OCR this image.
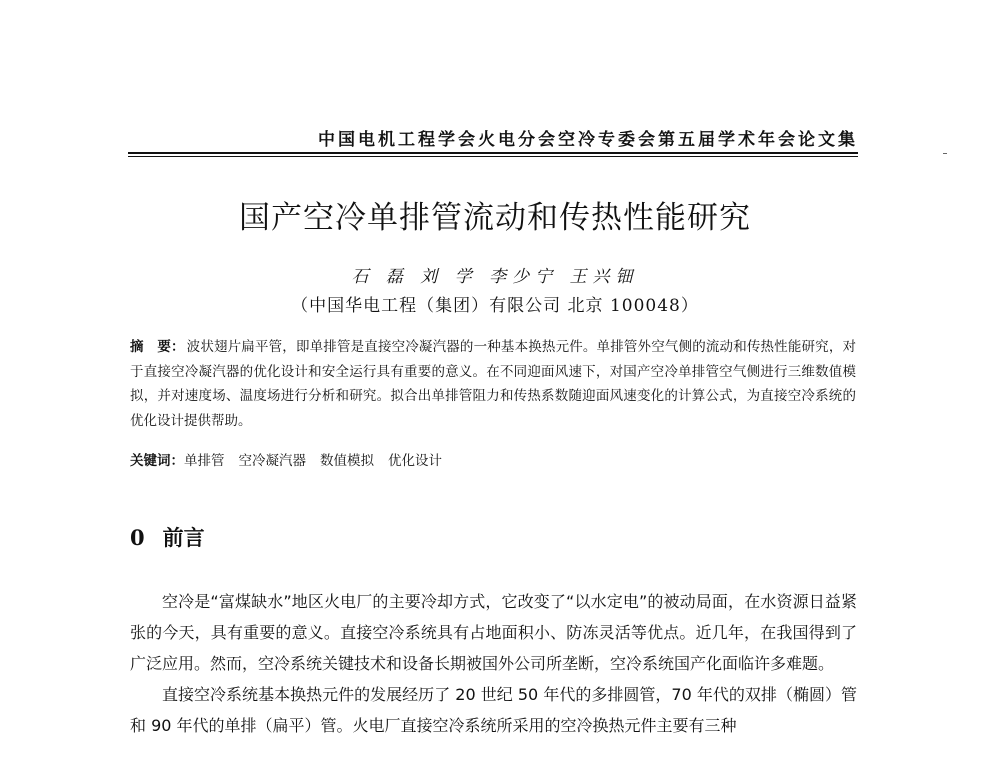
中国电机工程学会火电分会空冷专委会第五届学术年会论文集
国产空冷单排管流动和传热性能研究
石 磊 刘 学 李少宁 王兴钿
（中国华电工程（集团）有限公司 北京 100048）
摘　要： 波状翅片扁平管，即单排管是直接空冷凝汽器的一种基本换热元件。单排管外空气侧的流动和传热性能研究，对于直接空冷凝汽器的优化设计和安全运行具有重要的意义。在不同迎面风速下，对国产空冷单排管空气侧进行三维数值模拟，并对速度场、温度场进行分析和研究。拟合出单排管阻力和传热系数随迎面风速变化的计算公式，为直接空冷系统的优化设计提供帮助。
关键词：单排管 空冷凝汽器 数值模拟 优化设计
0 前言

空冷是“富煤缺水”地区火电厂的主要冷却方式，它改变了“以水定电”的被动局面，在水资源日益紧张的今天，具有重要的意义。直接空冷系统具有占地面积小、防冻灵活等优点。近几年，在我国得到了广泛应用。然而，空冷系统关键技术和设备长期被国外公司所垄断，空冷系统国产化面临许多难题。

直接空冷系统基本换热元件的发展经历了 20 世纪 50 年代的多排圆管，70 年代的双排（椭圆）管和 90 年代的单排（扁平）管。火电厂直接空冷系统所采用的空冷换热元件主要有三种
